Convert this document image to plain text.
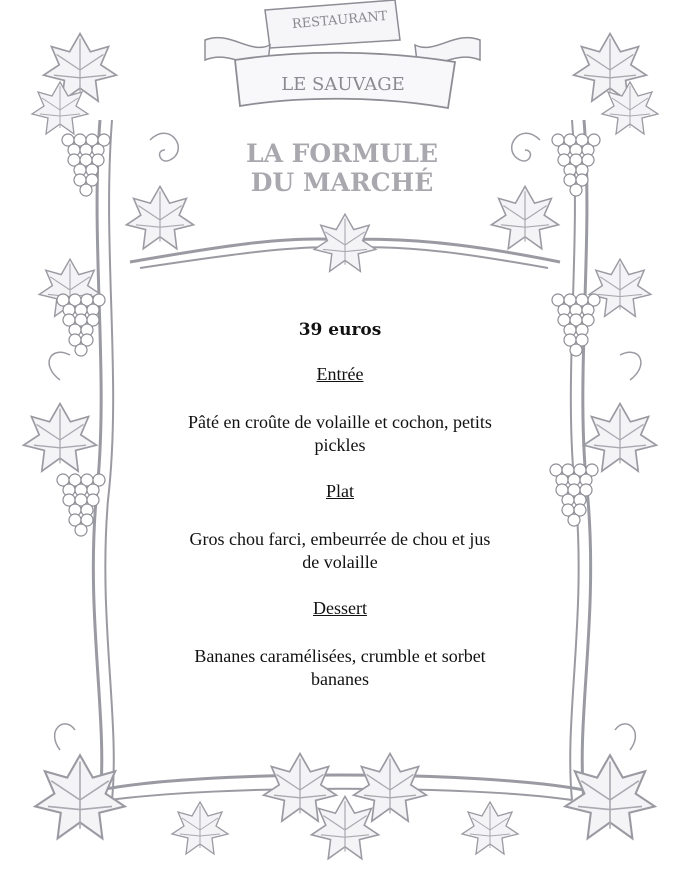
RESTAURANT
LE SAUVAGE
LA FORMULE
DU MARCHÉ
39 euros
Entrée
Pâté en croûte de volaille et cochon, petits
pickles
Plat
Gros chou farci, embeurrée de chou et jus
de volaille
Dessert
Bananes caramélisées, crumble et sorbet
bananes
